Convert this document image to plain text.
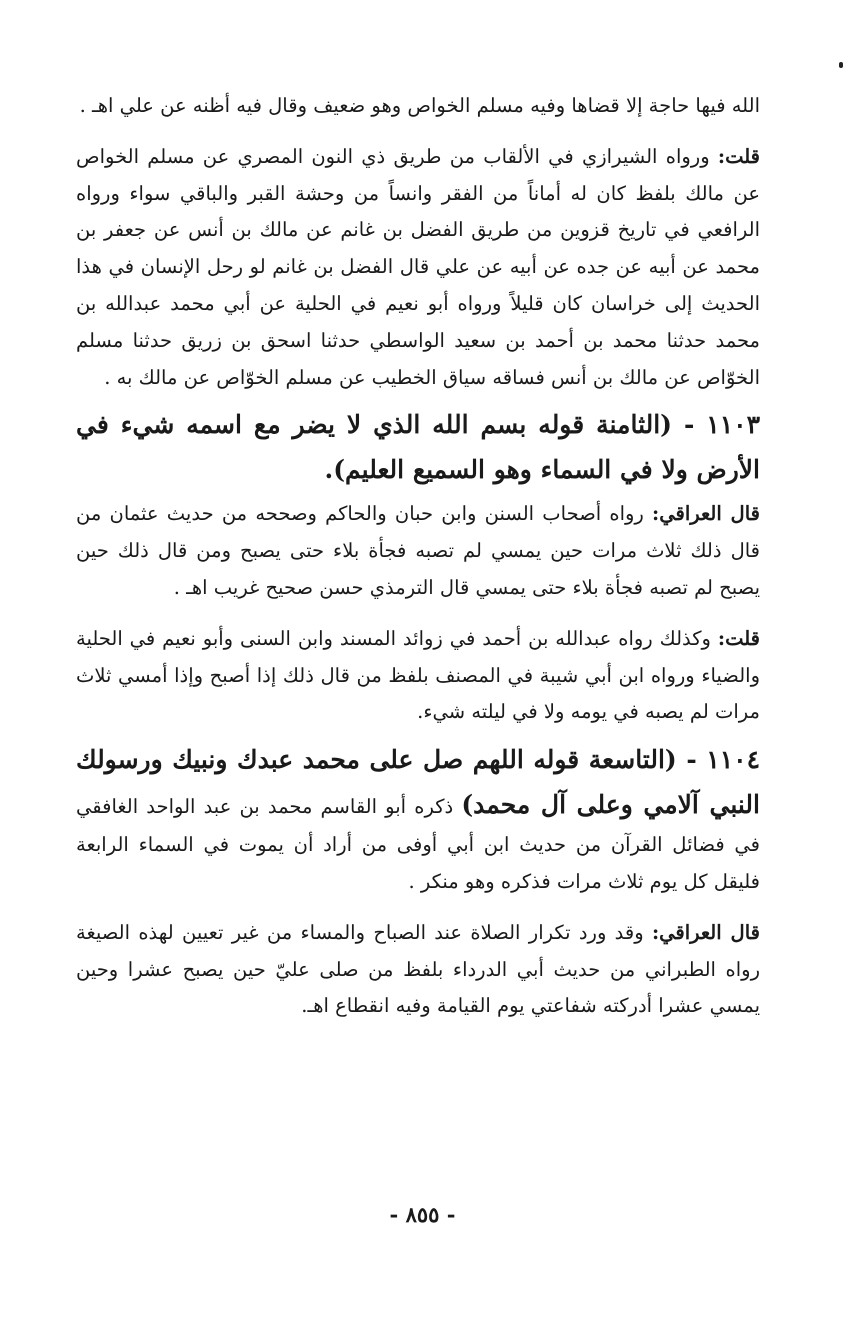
الله فيها حاجة إلا قضاها وفيه مسلم الخواص وهو ضعيف وقال فيه أظنه عن علي اهـ .

قلت: ورواه الشيرازي في الألقاب من طريق ذي النون المصري عن مسلم الخواص عن مالك بلفظ كان له أماناً من الفقر وانساً من وحشة القبر والباقي سواء ورواه الرافعي في تاريخ قزوين من طريق الفضل بن غانم عن مالك بن أنس عن جعفر بن محمد عن أبيه عن جده عن أبيه عن علي قال الفضل بن غانم لو رحل الإنسان في هذا الحديث إلى خراسان كان قليلاً ورواه أبو نعيم في الحلية عن أبي محمد عبدالله بن محمد حدثنا محمد بن أحمد بن سعيد الواسطي حدثنا اسحق بن زريق حدثنا مسلم الخوّاص عن مالك بن أنس فساقه سياق الخطيب عن مسلم الخوّاص عن مالك به .

١١٠٣ - (الثامنة قوله بسم الله الذي لا يضر مع اسمه شيء في الأرض ولا في السماء وهو السميع العليم).

قال العراقي: رواه أصحاب السنن وابن حبان والحاكم وصححه من حديث عثمان من قال ذلك ثلاث مرات حين يمسي لم تصبه فجأة بلاء حتى يصبح ومن قال ذلك حين يصبح لم تصبه فجأة بلاء حتى يمسي قال الترمذي حسن صحيح غريب اهـ .

قلت: وكذلك رواه عبدالله بن أحمد في زوائد المسند وابن السنى وأبو نعيم في الحلية والضياء ورواه ابن أبي شيبة في المصنف بلفظ من قال ذلك إذا أصبح وإذا أمسي ثلاث مرات لم يصبه في يومه ولا في ليلته شيء.

١١٠٤ - (التاسعة قوله اللهم صل على محمد عبدك ونبيك ورسولك النبي آلامي وعلى آل محمد) ذكره أبو القاسم محمد بن عبد الواحد الغافقي في فضائل القرآن من حديث ابن أبي أوفى من أراد أن يموت في السماء الرابعة فليقل كل يوم ثلاث مرات فذكره وهو منكر .

قال العراقي: وقد ورد تكرار الصلاة عند الصباح والمساء من غير تعيين لهذه الصيغة رواه الطبراني من حديث أبي الدرداء بلفظ من صلى عليّ حين يصبح عشرا وحين يمسي عشرا أدركته شفاعتي يوم القيامة وفيه انقطاع اهـ.

- ٨٥٥ -
